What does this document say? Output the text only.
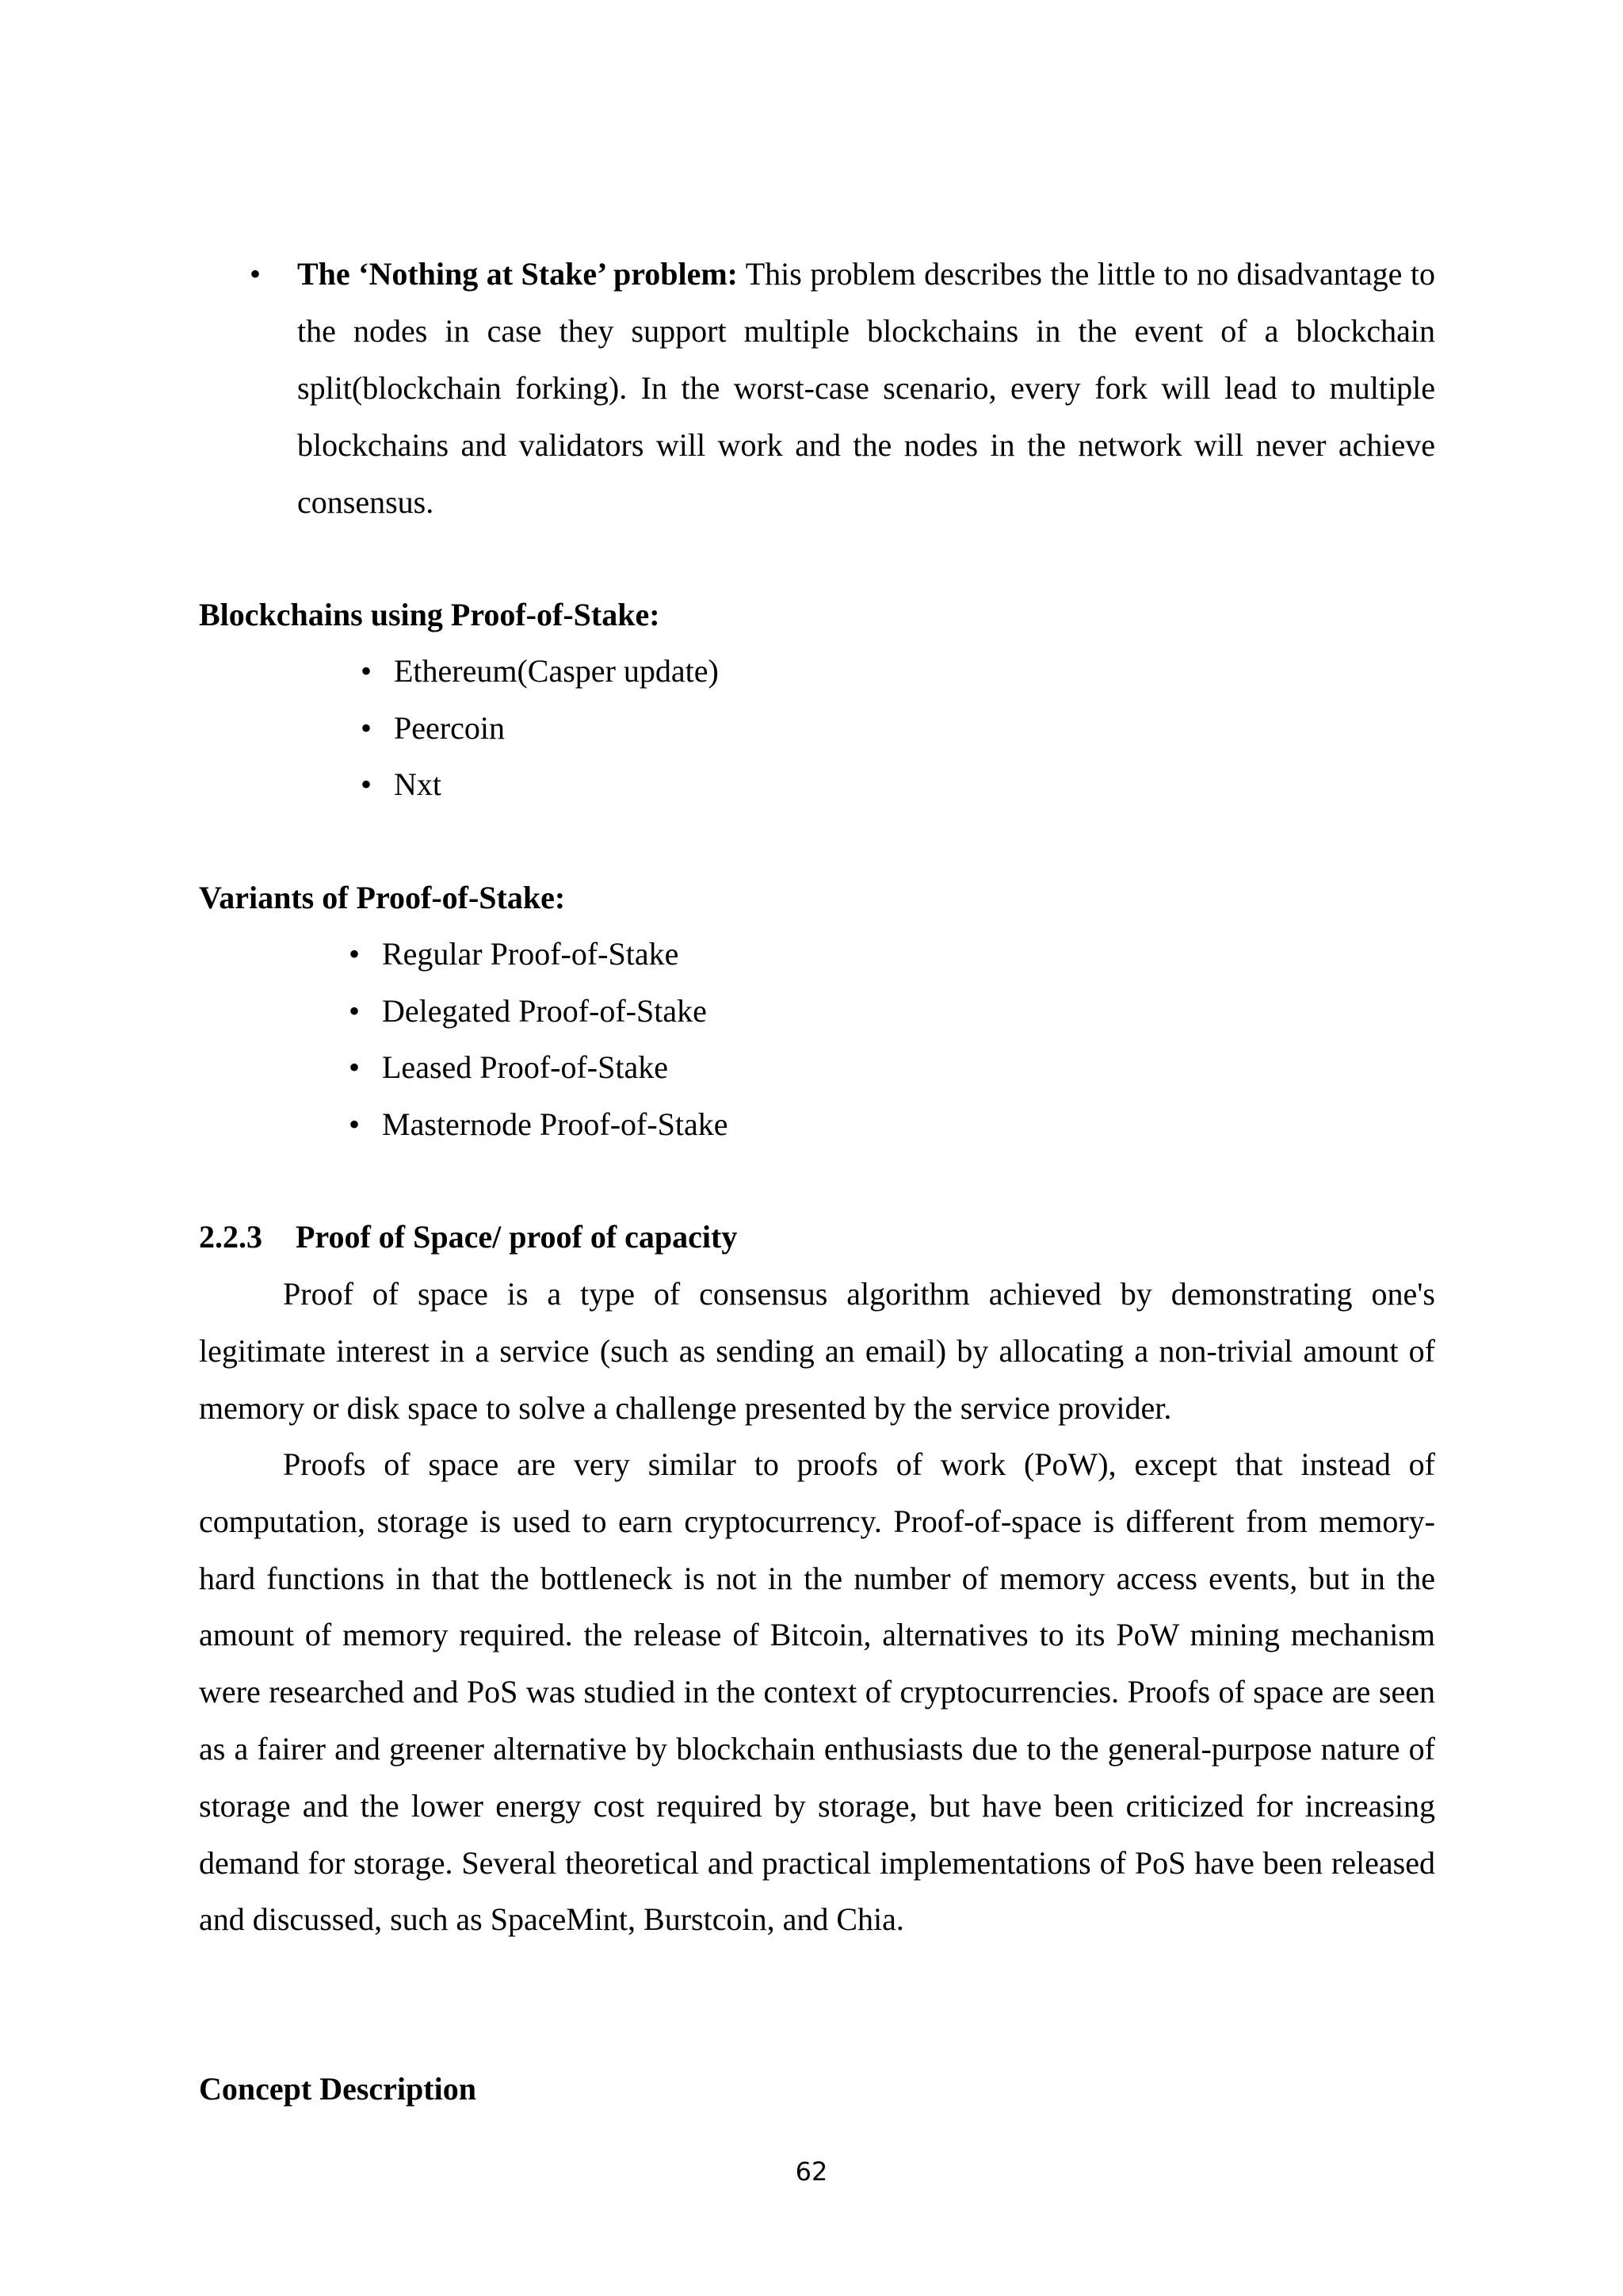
• The ‘Nothing at Stake’ problem: This problem describes the little to no disadvantage to the nodes in case they support multiple blockchains in the event of a blockchain split(blockchain forking). In the worst-case scenario, every fork will lead to multiple blockchains and validators will work and the nodes in the network will never achieve consensus.
Blockchains using Proof-of-Stake:
• Ethereum(Casper update)
• Peercoin
• Nxt
Variants of Proof-of-Stake:
• Regular Proof-of-Stake
• Delegated Proof-of-Stake
• Leased Proof-of-Stake
• Masternode Proof-of-Stake
2.2.3 Proof of Space/ proof of capacity
Proof of space is a type of consensus algorithm achieved by demonstrating one's legitimate interest in a service (such as sending an email) by allocating a non-trivial amount of memory or disk space to solve a challenge presented by the service provider.
Proofs of space are very similar to proofs of work (PoW), except that instead of computation, storage is used to earn cryptocurrency. Proof-of-space is different from memory-hard functions in that the bottleneck is not in the number of memory access events, but in the amount of memory required. the release of Bitcoin, alternatives to its PoW mining mechanism were researched and PoS was studied in the context of cryptocurrencies. Proofs of space are seen as a fairer and greener alternative by blockchain enthusiasts due to the general-purpose nature of storage and the lower energy cost required by storage, but have been criticized for increasing demand for storage. Several theoretical and practical implementations of PoS have been released and discussed, such as SpaceMint, Burstcoin, and Chia.
Concept Description
62
